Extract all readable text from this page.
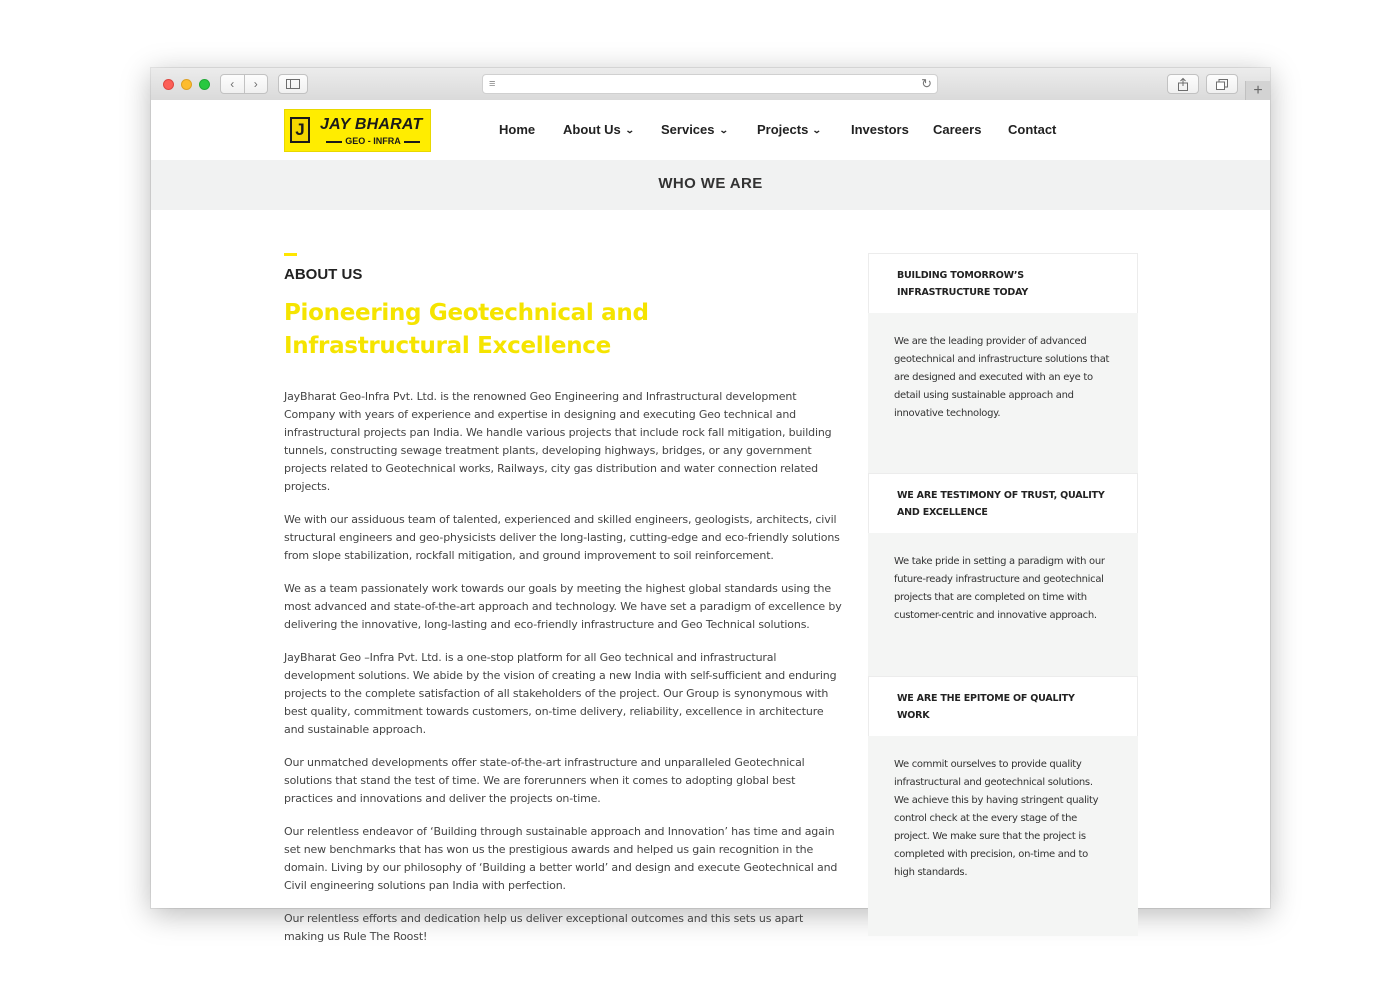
‹	›	≡	↻	+
J JAY BHARAT
GEO - INFRA
Home About Us ⌄ Services ⌄ Projects ⌄ Investors Careers Contact
WHO WE ARE
ABOUT US
Pioneering Geotechnical and Infrastructural Excellence

JayBharat Geo-Infra Pvt. Ltd. is the renowned Geo Engineering and Infrastructural development Company with years of experience and expertise in designing and executing Geo technical and infrastructural projects pan India. We handle various projects that include rock fall mitigation, building tunnels, constructing sewage treatment plants, developing highways, bridges, or any government projects related to Geotechnical works, Railways, city gas distribution and water connection related projects.

We with our assiduous team of talented, experienced and skilled engineers, geologists, architects, civil structural engineers and geo-physicists deliver the long-lasting, cutting-edge and eco-friendly solutions from slope stabilization, rockfall mitigation, and ground improvement to soil reinforcement.

We as a team passionately work towards our goals by meeting the highest global standards using the most advanced and state-of-the-art approach and technology. We have set a paradigm of excellence by delivering the innovative, long-lasting and eco-friendly infrastructure and Geo Technical solutions.

JayBharat Geo –Infra Pvt. Ltd. is a one-stop platform for all Geo technical and infrastructural development solutions. We abide by the vision of creating a new India with self-sufficient and enduring projects to the complete satisfaction of all stakeholders of the project. Our Group is synonymous with best quality, commitment towards customers, on-time delivery, reliability, excellence in architecture and sustainable approach.

Our unmatched developments offer state-of-the-art infrastructure and unparalleled Geotechnical solutions that stand the test of time. We are forerunners when it comes to adopting global best practices and innovations and deliver the projects on-time.

Our relentless endeavor of ‘Building through sustainable approach and Innovation’ has time and again set new benchmarks that has won us the prestigious awards and helped us gain recognition in the domain. Living by our philosophy of ‘Building a better world’ and design and execute Geotechnical and Civil engineering solutions pan India with perfection.

Our relentless efforts and dedication help us deliver exceptional outcomes and this sets us apart making us Rule The Roost!

BUILDING TOMORROW’S INFRASTRUCTURE TODAY
We are the leading provider of advanced geotechnical and infrastructure solutions that are designed and executed with an eye to detail using sustainable approach and innovative technology.
WE ARE TESTIMONY OF TRUST, QUALITY AND EXCELLENCE
We take pride in setting a paradigm with our future-ready infrastructure and geotechnical projects that are completed on time with customer-centric and innovative approach.
WE ARE THE EPITOME OF QUALITY WORK
We commit ourselves to provide quality infrastructural and geotechnical solutions. We achieve this by having stringent quality control check at the every stage of the project. We make sure that the project is completed with precision, on-time and to high standards.
